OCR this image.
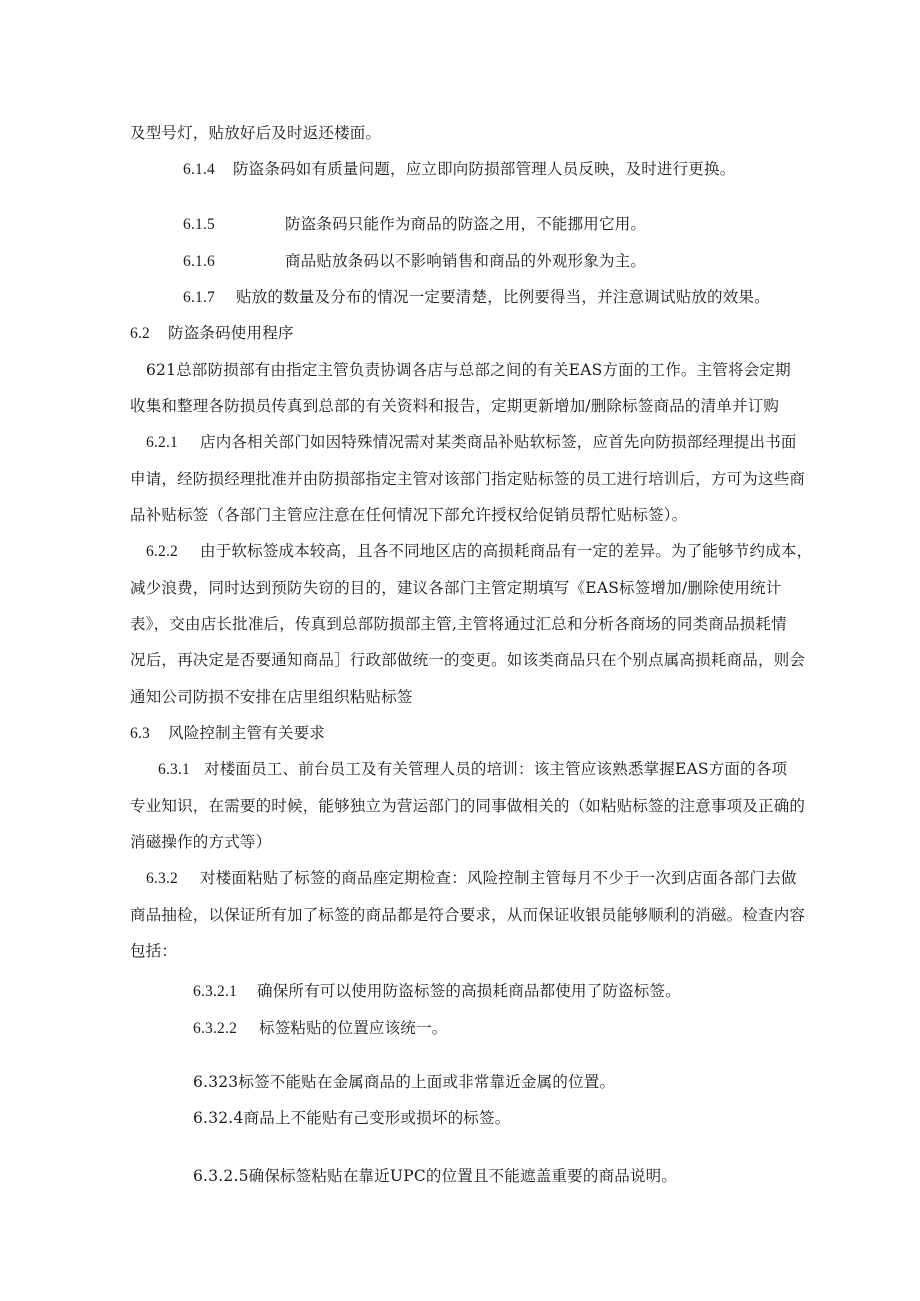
及型号灯，贴放好后及时返还楼面。
6.1.4 防盗条码如有质量问题，应立即向防损部管理人员反映，及时进行更换。
6.1.5	防盗条码只能作为商品的防盗之用，不能挪用它用。
6.1.6	商品贴放条码以不影响销售和商品的外观形象为主。
6.1.7 贴放的数量及分布的情况一定要清楚，比例要得当，并注意调试贴放的效果。
6.2 防盗条码使用程序
621总部防损部有由指定主管负责协调各店与总部之间的有关EAS方面的工作。主管将会定期
收集和整理各防损员传真到总部的有关资料和报告，定期更新增加/删除标签商品的清单并订购
6.2.1 店内各相关部门如因特殊情况需对某类商品补贴软标签，应首先向防损部经理提出书面
申请，经防损经理批准并由防损部指定主管对该部门指定贴标签的员工进行培训后，方可为这些商
品补贴标签（各部门主管应注意在任何情况下部允许授权给促销员帮忙贴标签）。
6.2.2 由于软标签成本较高，且各不同地区店的高损耗商品有一定的差异。为了能够节约成本，
减少浪费，同时达到预防失窃的目的，建议各部门主管定期填写《EAS标签增加/删除使用统计
表》，交由店长批准后，传真到总部防损部主管,主管将通过汇总和分析各商场的同类商品损耗情
况后，再决定是否要通知商品］行政部做统一的变更。如该类商品只在个别点属高损耗商品，则会
通知公司防损不安排在店里组织粘贴标签
6.3 风险控制主管有关要求
6.3.1 对楼面员工、前台员工及有关管理人员的培训：该主管应该熟悉掌握EAS方面的各项
专业知识，在需要的时候，能够独立为营运部门的同事做相关的（如粘贴标签的注意事项及正确的
消磁操作的方式等）
6.3.2 对楼面粘贴了标签的商品座定期检查：风险控制主管每月不少于一次到店面各部门去做
商品抽检，以保证所有加了标签的商品都是符合要求，从而保证收银员能够顺利的消磁。检查内容
包括：
6.3.2.1 确保所有可以使用防盗标签的高损耗商品都使用了防盗标签。
6.3.2.2 标签粘贴的位置应该统一。
6.323标签不能贴在金属商品的上面或非常靠近金属的位置。
6.32.4商品上不能贴有己变形或损坏的标签。
6.3.2.5确保标签粘贴在靠近UPC的位置且不能遮盖重要的商品说明。
